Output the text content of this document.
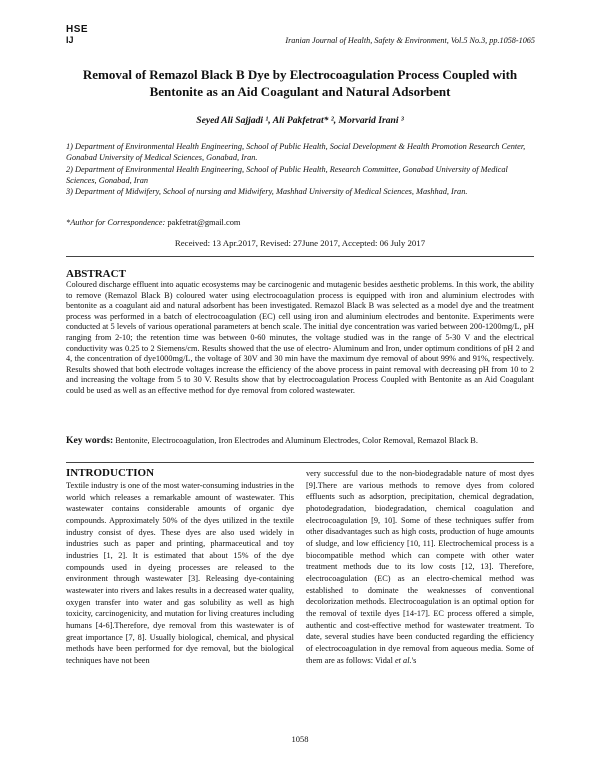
HSE
IJ	Iranian Journal of Health, Safety & Environment, Vol.5 No.3, pp.1058-1065
Removal of Remazol Black B Dye by Electrocoagulation Process Coupled with Bentonite as an Aid Coagulant and Natural Adsorbent
Seyed Ali Sajjadi ¹, Ali Pakfetrat* ², Morvarid Irani ³

1) Department of Environmental Health Engineering, School of Public Health, Social Development & Health Promotion Research Center, Gonabad University of Medical Sciences, Gonabad, Iran.

2) Department of Environmental Health Engineering, School of Public Health, Research Committee, Gonabad University of Medical Sciences, Gonabad, Iran

3) Department of Midwifery, School of nursing and Midwifery, Mashhad University of Medical Sciences, Mashhad, Iran.

*Author for Correspondence: pakfetrat@gmail.com
Received: 13 Apr.2017, Revised: 27June 2017, Accepted: 06 July 2017
ABSTRACT
Coloured discharge effluent into aquatic ecosystems may be carcinogenic and mutagenic besides aesthetic problems. In this work, the ability to remove (Remazol Black B) coloured water using electrocoagulation process is equipped with iron and aluminium electrodes with bentonite as a coagulant aid and natural adsorbent has been investigated. Remazol Black B was selected as a model dye and the treatment process was performed in a batch of electrocoagulation (EC) cell using iron and aluminium electrodes and bentonite. Experiments were conducted at 5 levels of various operational parameters at bench scale. The initial dye concentration was varied between 200-1200mg/L, pH ranging from 2-10; the retention time was between 0-60 minutes, the voltage studied was in the range of 5-30 V and the electrical conductivity was 0.25 to 2 Siemens/cm. Results showed that the use of electro- Aluminum and Iron, under optimum conditions of pH 2 and 4, the concentration of dye1000mg/L, the voltage of 30V and 30 min have the maximum dye removal of about 99% and 91%, respectively. Results showed that both electrode voltages increase the efficiency of the above process in paint removal with decreasing pH from 10 to 2 and increasing the voltage from 5 to 30 V. Results show that by electrocoagulation Process Coupled with Bentonite as an Aid Coagulant could be used as well as an effective method for dye removal from colored wastewater.
Key words: Bentonite, Electrocoagulation, Iron Electrodes and Aluminum Electrodes, Color Removal, Remazol Black B.
INTRODUCTION
Textile industry is one of the most water-consuming industries in the world which releases a remarkable amount of wastewater. This wastewater contains considerable amounts of organic dye compounds. Approximately 50% of the dyes utilized in the textile industry consist of dyes. These dyes are also used widely in industries such as paper and printing, pharmaceutical and toy industries [1, 2]. It is estimated that about 15% of the dye compounds used in dyeing processes are released to the environment through wastewater [3]. Releasing dye-containing wastewater into rivers and lakes results in a decreased water quality, oxygen transfer into water and gas solubility as well as high toxicity, carcinogenicity, and mutation for living creatures including humans [4-6].Therefore, dye removal from this wastewater is of great importance [7, 8]. Usually biological, chemical, and physical methods have been performed for dye removal, but the biological techniques have not been
very successful due to the non-biodegradable nature of most dyes [9].There are various methods to remove dyes from colored effluents such as adsorption, precipitation, chemical degradation, photodegradation, biodegradation, chemical coagulation and electrocoagulation [9, 10]. Some of these techniques suffer from other disadvantages such as high costs, production of huge amounts of sludge, and low efficiency [10, 11]. Electrochemical process is a biocompatible method which can compete with other water treatment methods due to its low costs [12, 13]. Therefore, electrocoagulation (EC) as an electro-chemical method was established to dominate the weaknesses of conventional decolorization methods. Electrocoagulation is an optimal option for the removal of textile dyes [14-17]. EC process offered a simple, authentic and cost-effective method for wastewater treatment. To date, several studies have been conducted regarding the efficiency of electrocoagulation in dye removal from aqueous media. Some of them are as follows: Vidal et al.'s
1058
